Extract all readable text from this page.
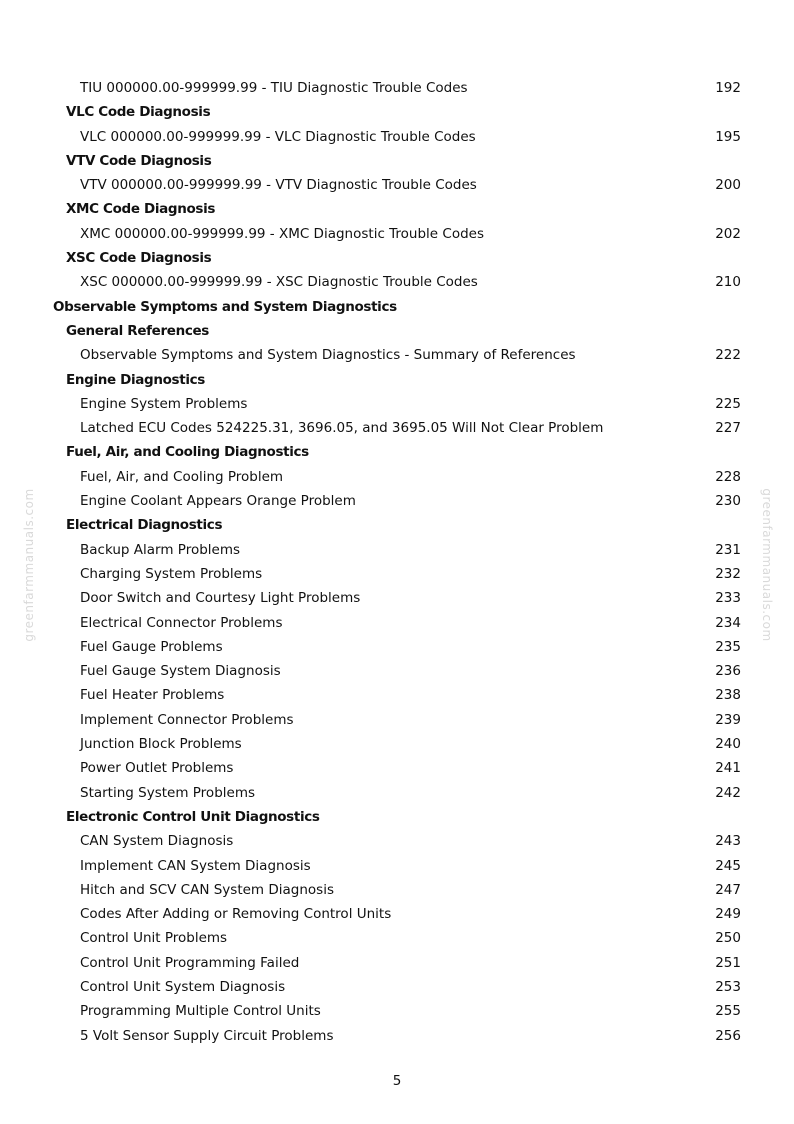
TIU 000000.00-999999.99 - TIU Diagnostic Trouble Codes	192
VLC Code Diagnosis
VLC 000000.00-999999.99 - VLC Diagnostic Trouble Codes	195
VTV Code Diagnosis
VTV 000000.00-999999.99 - VTV Diagnostic Trouble Codes	200
XMC Code Diagnosis
XMC 000000.00-999999.99 - XMC Diagnostic Trouble Codes	202
XSC Code Diagnosis
XSC 000000.00-999999.99 - XSC Diagnostic Trouble Codes	210
Observable Symptoms and System Diagnostics
General References
Observable Symptoms and System Diagnostics - Summary of References	222
Engine Diagnostics
Engine System Problems	225
Latched ECU Codes 524225.31, 3696.05, and 3695.05 Will Not Clear Problem	227
Fuel, Air, and Cooling Diagnostics
Fuel, Air, and Cooling Problem	228
Engine Coolant Appears Orange Problem	230
Electrical Diagnostics
Backup Alarm Problems	231
Charging System Problems	232
Door Switch and Courtesy Light Problems	233
Electrical Connector Problems	234
Fuel Gauge Problems	235
Fuel Gauge System Diagnosis	236
Fuel Heater Problems	238
Implement Connector Problems	239
Junction Block Problems	240
Power Outlet Problems	241
Starting System Problems	242
Electronic Control Unit Diagnostics
CAN System Diagnosis	243
Implement CAN System Diagnosis	245
Hitch and SCV CAN System Diagnosis	247
Codes After Adding or Removing Control Units	249
Control Unit Problems	250
Control Unit Programming Failed	251
Control Unit System Diagnosis	253
Programming Multiple Control Units	255
5 Volt Sensor Supply Circuit Problems	256
greenfarmmanuals.com	greenfarmmanuals.com
5
